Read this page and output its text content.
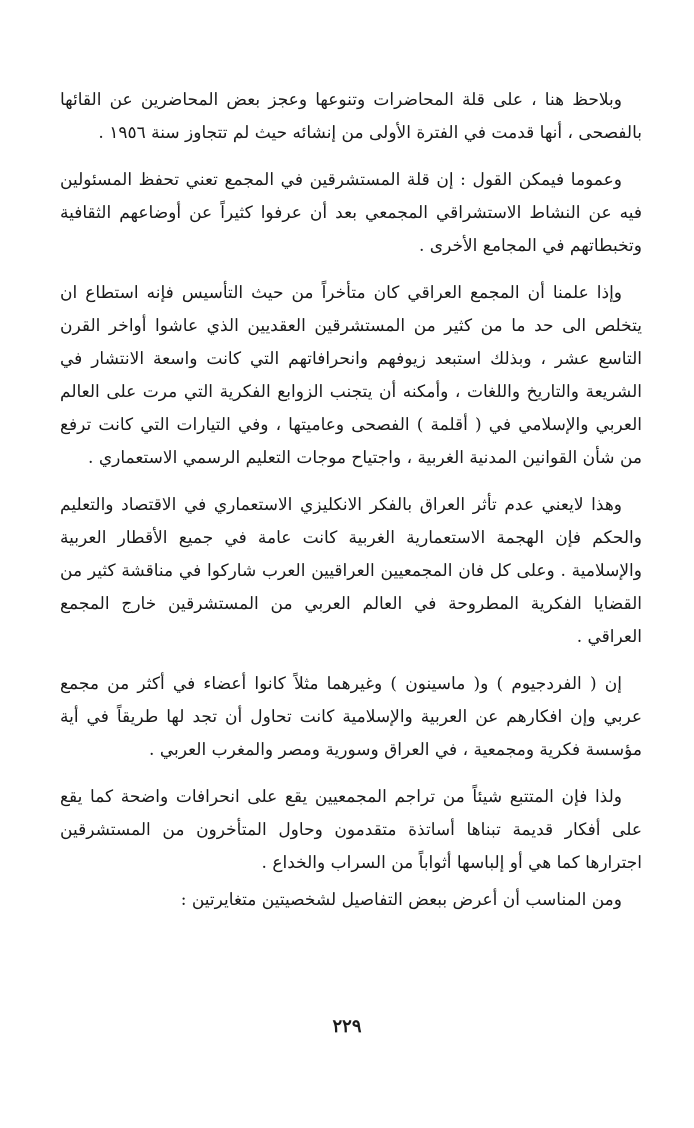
وبلاحظ هنا ، على قلة المحاضرات وتنوعها وعجز بعض المحاضرين عن القائها بالفصحى ، أنها قدمت في الفترة الأولى من إنشائه حيث لم تتجاوز سنة ١٩٥٦ .

وعموما فيمكن القول : إن قلة المستشرقين في المجمع تعني تحفظ المسئولين فيه عن النشاط الاستشراقي المجمعي بعد أن عرفوا كثيراً عن أوضاعهم الثقافية وتخبطاتهم في المجامع الأخرى .

وإذا علمنا أن المجمع العراقي كان متأخراً من حيث التأسيس فإنه استطاع ان يتخلص الى حد ما من كثير من المستشرقين العقديين الذي عاشوا أواخر القرن التاسع عشر ، وبذلك استبعد زيوفهم وانحرافاتهم التي كانت واسعة الانتشار في الشريعة والتاريخ واللغات ، وأمكنه أن يتجنب الزوابع الفكرية التي مرت على العالم العربي والإسلامي في ( أقلمة ) الفصحى وعاميتها ، وفي التيارات التي كانت ترفع من شأن القوانين المدنية الغربية ، واجتياح موجات التعليم الرسمي الاستعماري .

وهذا لايعني عدم تأثر العراق بالفكر الانكليزي الاستعماري في الاقتصاد والتعليم والحكم فإن الهجمة الاستعمارية الغربية كانت عامة في جميع الأقطار العربية والإسلامية . وعلى كل فان المجمعيين العراقيين العرب شاركوا في مناقشة كثير من القضايا الفكرية المطروحة في العالم العربي من المستشرقين خارج المجمع العراقي .

إن ( الفردجيوم ) و( ماسينون ) وغيرهما مثلاً كانوا أعضاء في أكثر من مجمع عربي وإن افكارهم عن العربية والإسلامية كانت تحاول أن تجد لها طريقاً في أية مؤسسة فكرية ومجمعية ، في العراق وسورية ومصر والمغرب العربي .

ولذا فإن المتتبع شيئاً من تراجم المجمعيين يقع على انحرافات واضحة كما يقع على أفكار قديمة تبناها أساتذة متقدمون وحاول المتأخرون من المستشرقين اجترارها كما هي أو إلباسها أثواباً من السراب والخداع .

ومن المناسب أن أعرض ببعض التفاصيل لشخصيتين متغايرتين :

٢٢٩
